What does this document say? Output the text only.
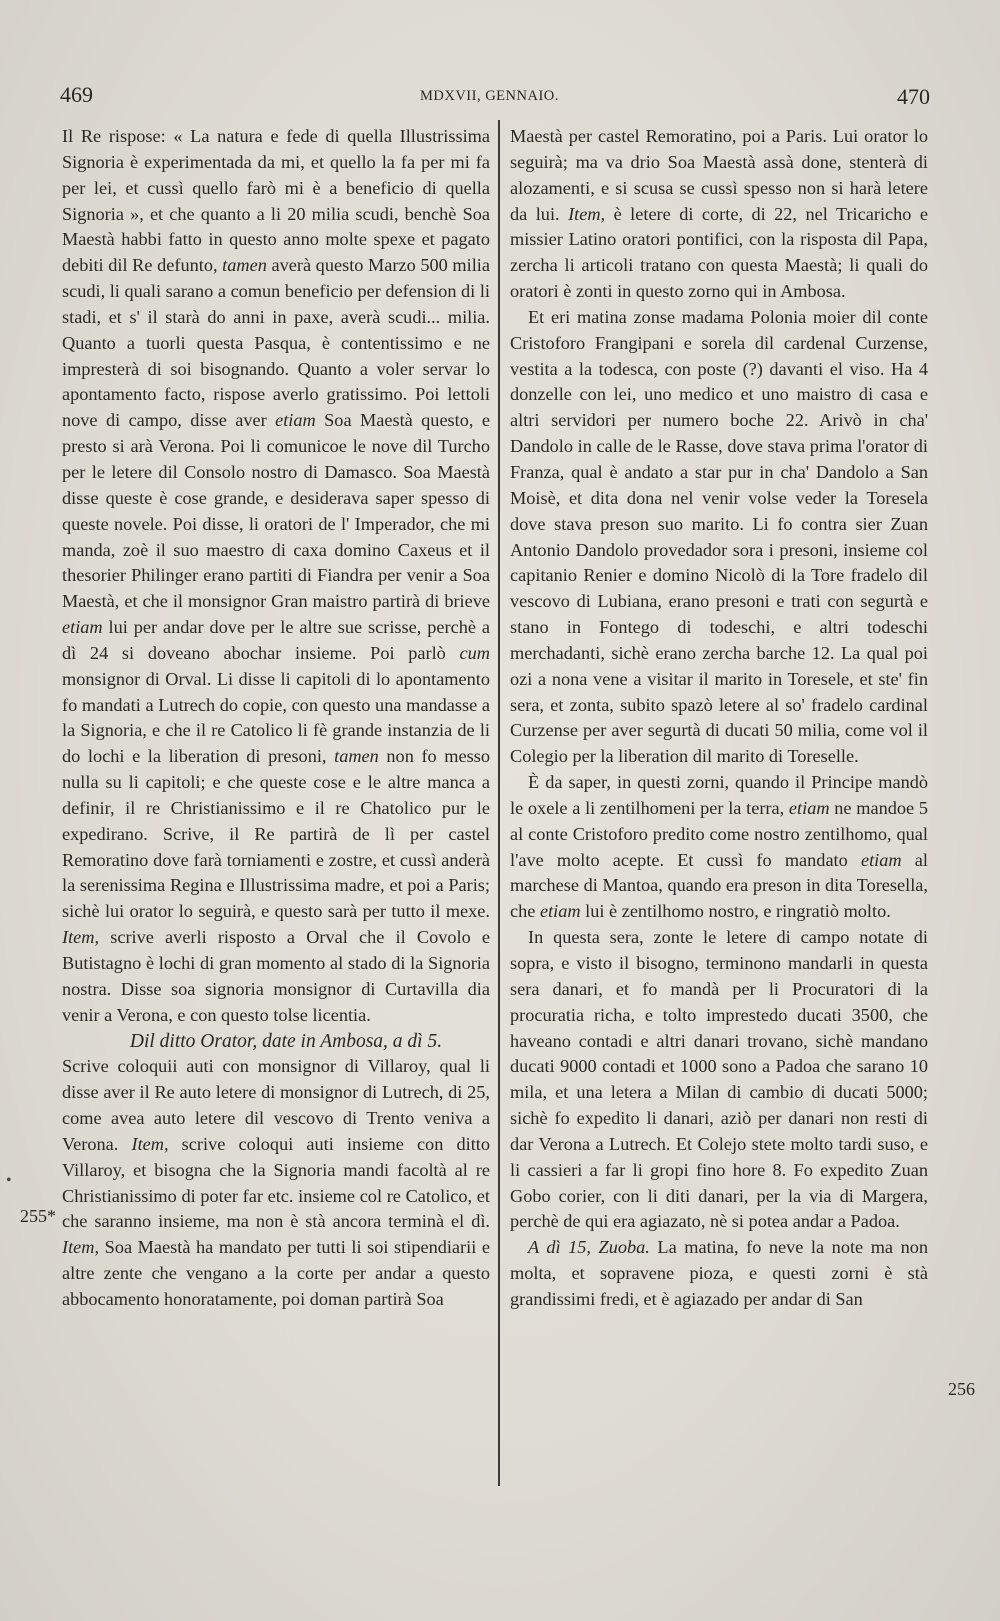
469	MDXVII, GENNAIO.	470

Il Re rispose: « La natura e fede di quella Illustrissima Signoria è experimentada da mi, et quello la fa per mi fa per lei, et cussì quello farò mi è a beneficio di quella Signoria », et che quanto a li 20 milia scudi, benchè Soa Maestà habbi fatto in questo anno molte spexe et pagato debiti dil Re defunto, tamen averà questo Marzo 500 milia scudi, li quali sarano a comun beneficio per defension di li stadi, et s' il starà do anni in paxe, averà scudi... milia. Quanto a tuorli questa Pasqua, è contentissimo e ne impresterà di soi bisognando. Quanto a voler servar lo apontamento facto, rispose averlo gratissimo. Poi lettoli nove di campo, disse aver etiam Soa Maestà questo, e presto si arà Verona. Poi li comunicoe le nove dil Turcho per le letere dil Consolo nostro di Damasco. Soa Maestà disse queste è cose grande, e desiderava saper spesso di queste novele. Poi disse, li oratori de l' Imperador, che mi manda, zoè il suo maestro di caxa domino Caxeus et il thesorier Philinger erano partiti di Fiandra per venir a Soa Maestà, et che il monsignor Gran maistro partirà di brieve etiam lui per andar dove per le altre sue scrisse, perchè a dì 24 si doveano abochar insieme. Poi parlò cum monsignor di Orval. Li disse li capitoli di lo apontamento fo mandati a Lutrech do copie, con questo una mandasse a la Signoria, e che il re Catolico li fè grande instanzia de li do lochi e la liberation di presoni, tamen non fo messo nulla su li capitoli; e che queste cose e le altre manca a definir, il re Christianissimo e il re Chatolico pur le expedirano. Scrive, il Re partirà de lì per castel Remoratino dove farà torniamenti e zostre, et cussì anderà la serenissima Regina e Illustrissima madre, et poi a Paris; sichè lui orator lo seguirà, e questo sarà per tutto il mexe. Item, scrive averli risposto a Orval che il Covolo e Butistagno è lochi di gran momento al stado di la Signoria nostra. Disse soa signoria monsignor di Curtavilla dia venir a Verona, e con questo tolse licentia.

Dil ditto Orator, date in Ambosa, a dì 5.

Scrive coloquii auti con monsignor di Villaroy, qual li disse aver il Re auto letere di monsignor di Lutrech, di 25, come avea auto letere dil vescovo di Trento veniva a Verona. Item, scrive coloqui auti insieme con ditto Villaroy, et bisogna che la Signoria mandi facoltà al re Christianissimo di poter far etc. insieme col re Catolico, et che saranno insieme, ma non è stà ancora terminà el dì. Item, Soa Maestà ha mandato per tutti li soi stipendiarii e altre zente che vengano a la corte per andar a questo abbocamento honoratamente, poi doman partirà Soa

Maestà per castel Remoratino, poi a Paris. Lui orator lo seguirà; ma va drio Soa Maestà assà done, stenterà di alozamenti, e si scusa se cussì spesso non si harà letere da lui. Item, è letere di corte, di 22, nel Tricaricho e missier Latino oratori pontifici, con la risposta dil Papa, zercha li articoli tratano con questa Maestà; li quali do oratori è zonti in questo zorno qui in Ambosa.

Et eri matina zonse madama Polonia moier dil conte Cristoforo Frangipani e sorela dil cardenal Curzense, vestita a la todesca, con poste (?) davanti el viso. Ha 4 donzelle con lei, uno medico et uno maistro di casa e altri servidori per numero boche 22. Arivò in cha' Dandolo in calle de le Rasse, dove stava prima l'orator di Franza, qual è andato a star pur in cha' Dandolo a San Moisè, et dita dona nel venir volse veder la Toresela dove stava preson suo marito. Li fo contra sier Zuan Antonio Dandolo provedador sora i presoni, insieme col capitanio Renier e domino Nicolò di la Tore fradelo dil vescovo di Lubiana, erano presoni e trati con segurtà e stano in Fontego di todeschi, e altri todeschi merchadanti, sichè erano zercha barche 12. La qual poi ozi a nona vene a visitar il marito in Toresele, et ste' fin sera, et zonta, subito spazò letere al so' fradelo cardinal Curzense per aver segurtà di ducati 50 milia, come vol il Colegio per la liberation dil marito di Toreselle.

È da saper, in questi zorni, quando il Principe mandò le oxele a li zentilhomeni per la terra, etiam ne mandoe 5 al conte Cristoforo predito come nostro zentilhomo, qual l'ave molto acepte. Et cussì fo mandato etiam al marchese di Mantoa, quando era preson in dita Toresella, che etiam lui è zentilhomo nostro, e ringratiò molto.

In questa sera, zonte le letere di campo notate di sopra, e visto il bisogno, terminono mandarli in questa sera danari, et fo mandà per li Procuratori di la procuratia richa, e tolto imprestedo ducati 3500, che haveano contadi e altri danari trovano, sichè mandano ducati 9000 contadi et 1000 sono a Padoa che sarano 10 mila, et una letera a Milan di cambio di ducati 5000; sichè fo expedito li danari, aziò per danari non resti di dar Verona a Lutrech. Et Colejo stete molto tardi suso, e li cassieri a far li gropi fino hore 8. Fo expedito Zuan Gobo corier, con li diti danari, per la via di Margera, perchè de qui era agiazato, nè si potea andar a Padoa.

A dì 15, Zuoba. La matina, fo neve la note ma non molta, et sopravene pioza, e questi zorni è stà grandissimi fredi, et è agiazado per andar di San

•
255*
256
